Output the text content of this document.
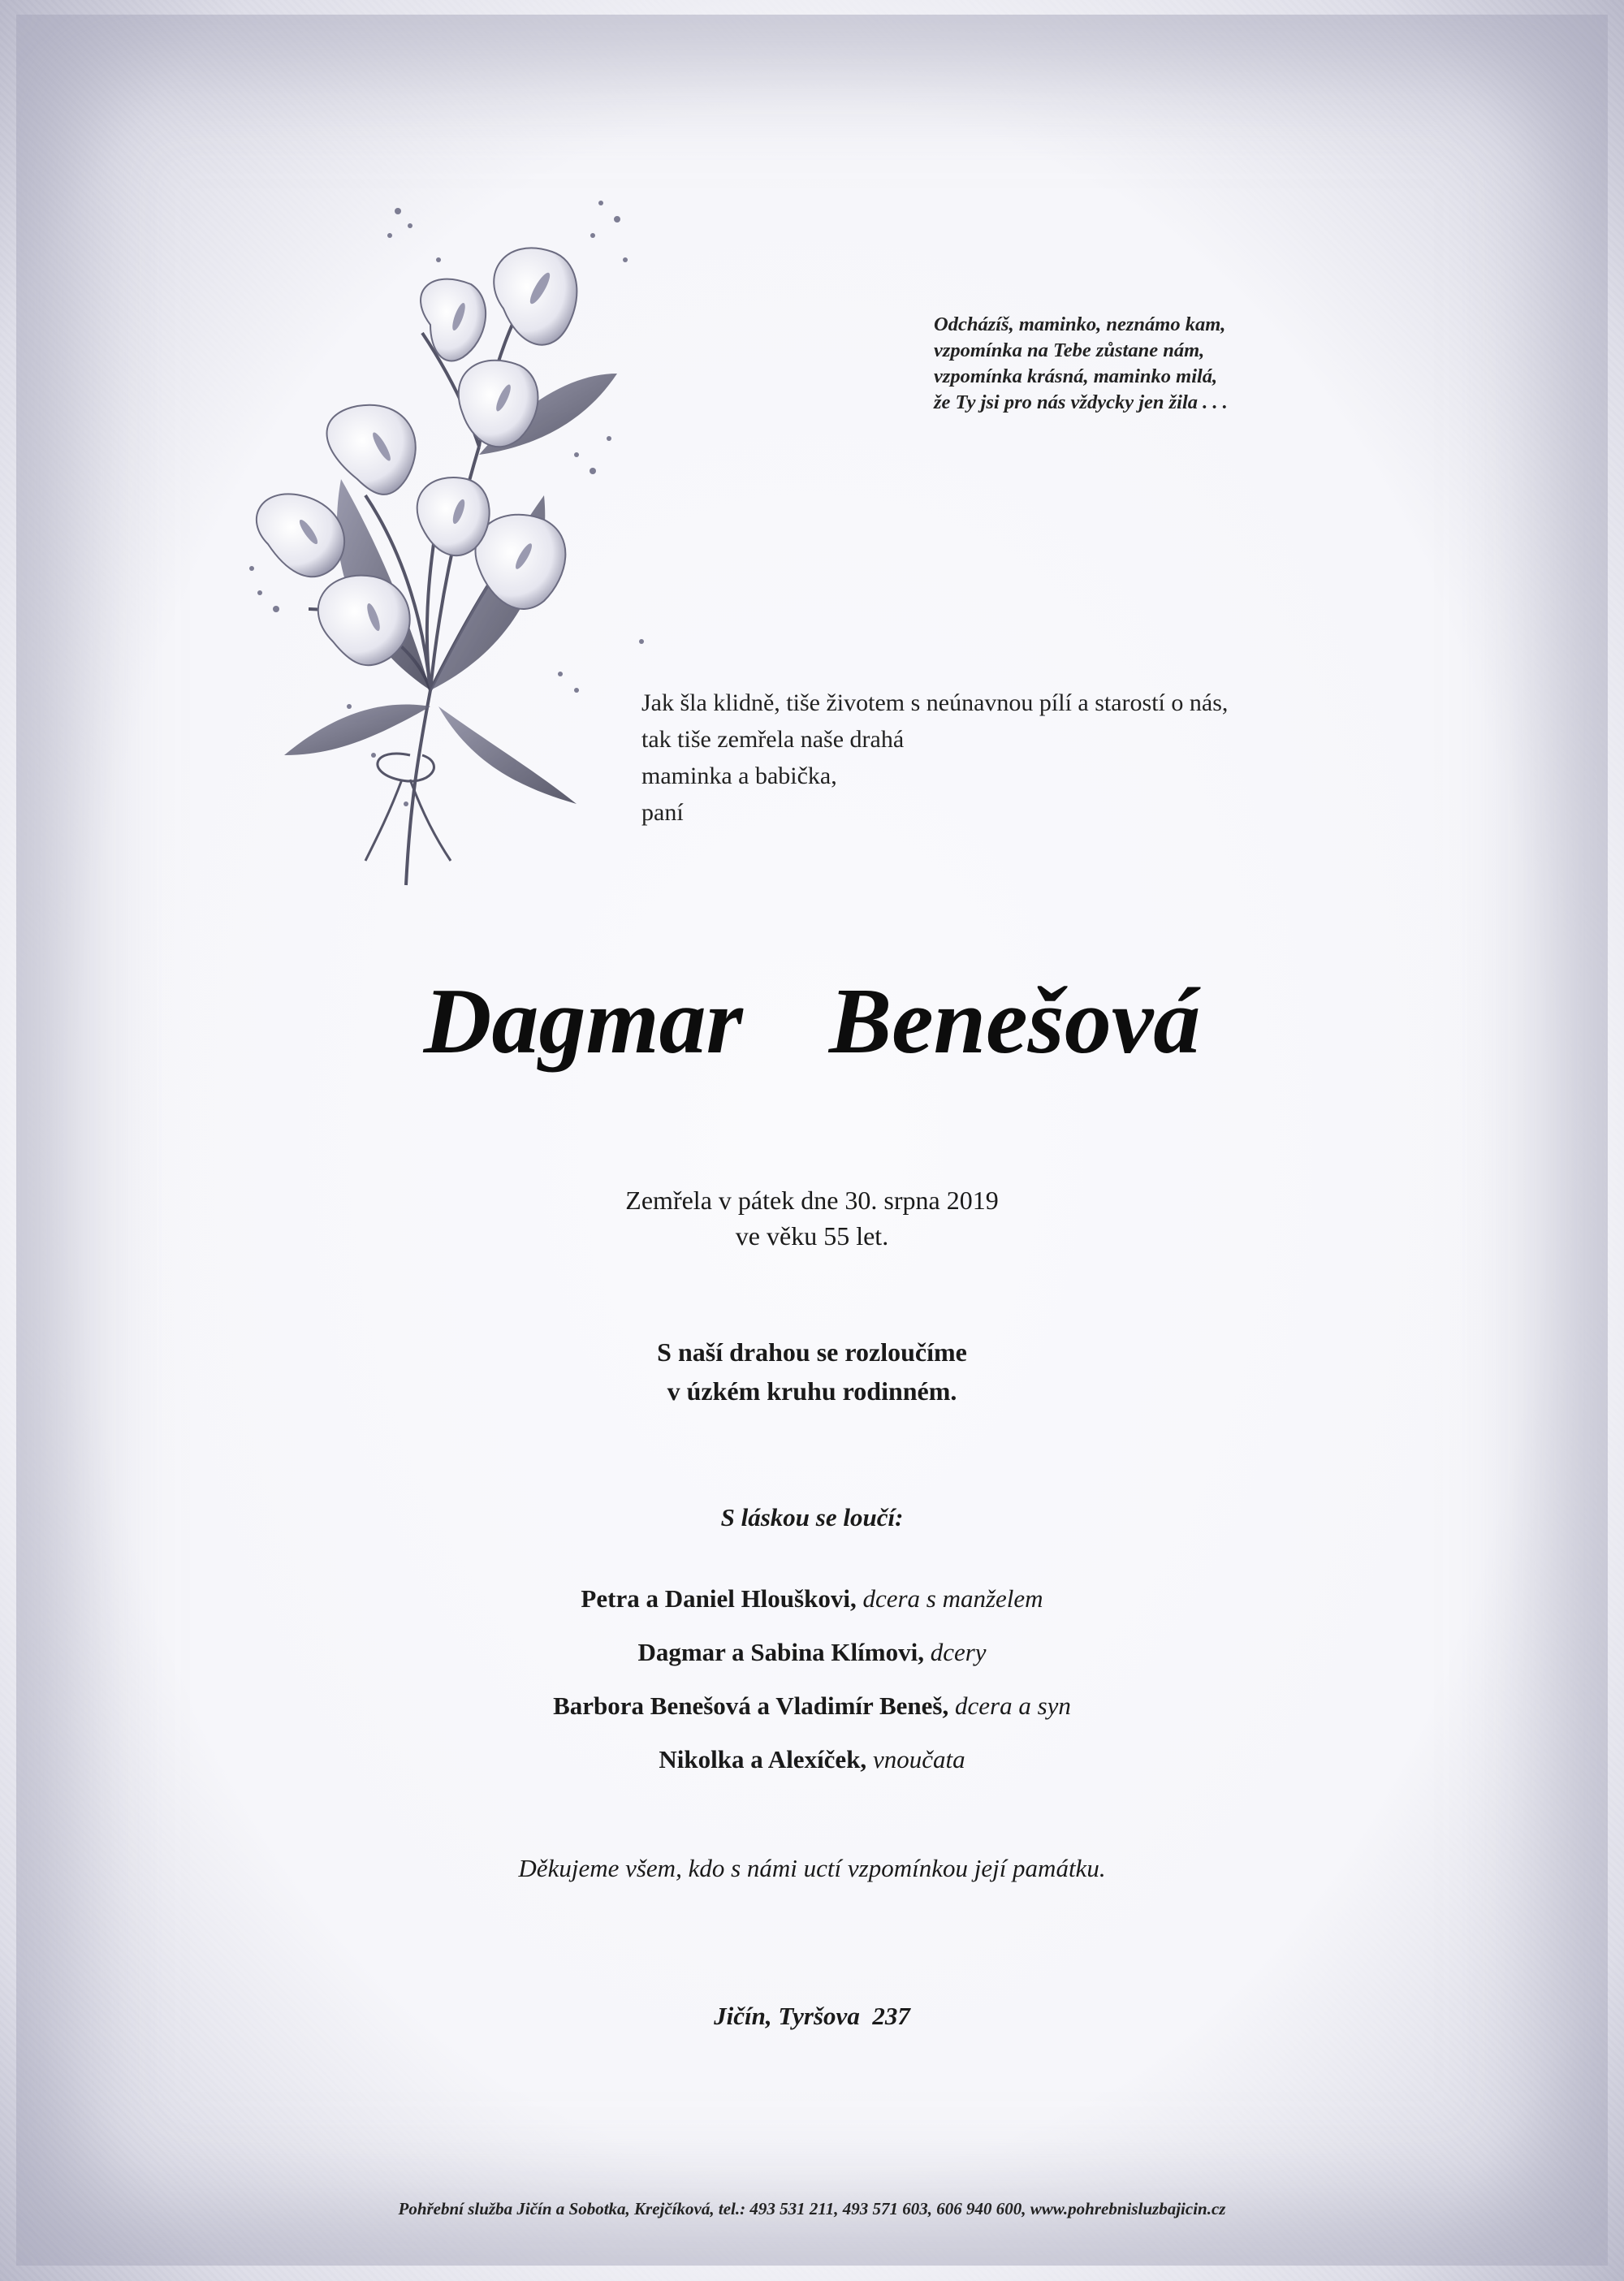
Odcházíš, maminko, neznámo kam,
vzpomínka na Tebe zůstane nám,
vzpomínka krásná, maminko milá,
že Ty jsi pro nás vždycky jen žila . . .
Jak šla klidně, tiše životem s neúnavnou pílí a starostí o nás,
tak tiše zemřela naše drahá
maminka a babička,
paní
Dagmar  Benešová
Zemřela v pátek dne 30. srpna 2019
ve věku 55 let.
S naší drahou se rozloučíme
v úzkém kruhu rodinném.
S láskou se loučí:
Petra a Daniel Hlouškovi, dcera s manželem
Dagmar a Sabina Klímovi, dcery
Barbora Benešová a Vladimír Beneš, dcera a syn
Nikolka a Alexíček, vnoučata
Děkujeme všem, kdo s námi uctí vzpomínkou její památku.
Jičín, Tyršova  237
Pohřební služba Jičín a Sobotka, Krejčíková, tel.: 493 531 211, 493 571 603, 606 940 600, www.pohrebnisluzbajicin.cz
